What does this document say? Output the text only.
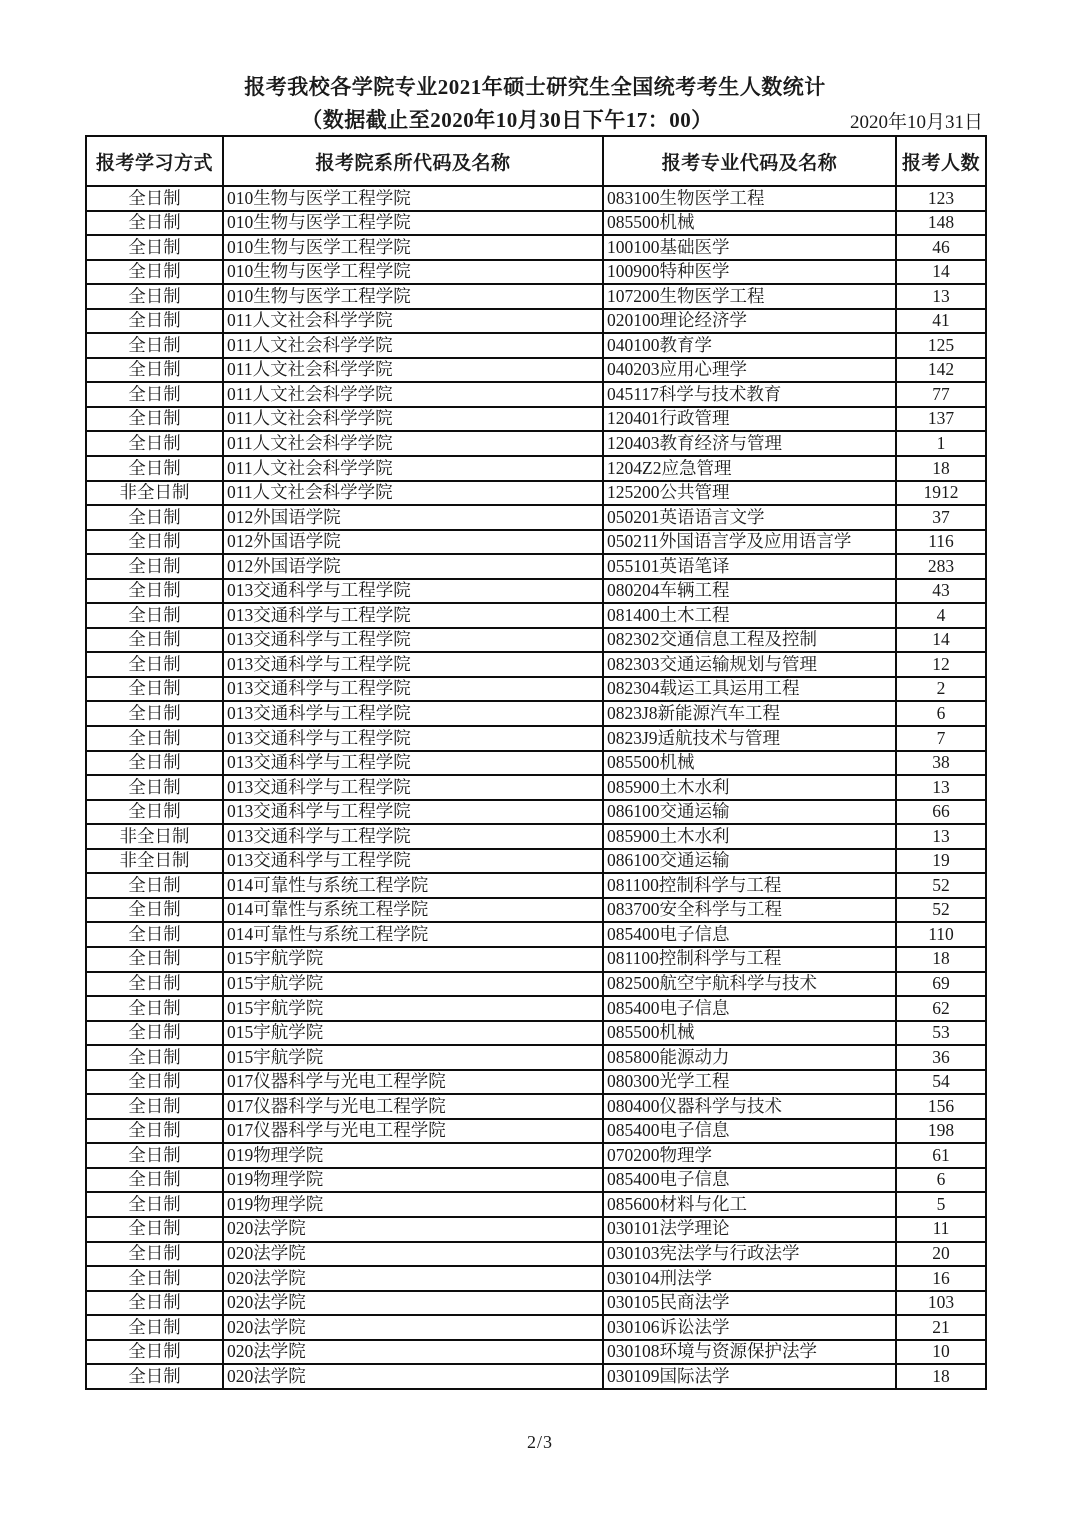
报考我校各学院专业2021年硕士研究生全国统考考生人数统计
（数据截止至2020年10月30日下午17：00）	2020年10月31日
报考学习方式	报考院系所代码及名称	报考专业代码及名称	报考人数
全日制	010生物与医学工程学院	083100生物医学工程	123
全日制	010生物与医学工程学院	085500机械	148
全日制	010生物与医学工程学院	100100基础医学	46
全日制	010生物与医学工程学院	100900特种医学	14
全日制	010生物与医学工程学院	107200生物医学工程	13
全日制	011人文社会科学学院	020100理论经济学	41
全日制	011人文社会科学学院	040100教育学	125
全日制	011人文社会科学学院	040203应用心理学	142
全日制	011人文社会科学学院	045117科学与技术教育	77
全日制	011人文社会科学学院	120401行政管理	137
全日制	011人文社会科学学院	120403教育经济与管理	1
全日制	011人文社会科学学院	1204Z2应急管理	18
非全日制	011人文社会科学学院	125200公共管理	1912
全日制	012外国语学院	050201英语语言文学	37
全日制	012外国语学院	050211外国语言学及应用语言学	116
全日制	012外国语学院	055101英语笔译	283
全日制	013交通科学与工程学院	080204车辆工程	43
全日制	013交通科学与工程学院	081400土木工程	4
全日制	013交通科学与工程学院	082302交通信息工程及控制	14
全日制	013交通科学与工程学院	082303交通运输规划与管理	12
全日制	013交通科学与工程学院	082304载运工具运用工程	2
全日制	013交通科学与工程学院	0823J8新能源汽车工程	6
全日制	013交通科学与工程学院	0823J9适航技术与管理	7
全日制	013交通科学与工程学院	085500机械	38
全日制	013交通科学与工程学院	085900土木水利	13
全日制	013交通科学与工程学院	086100交通运输	66
非全日制	013交通科学与工程学院	085900土木水利	13
非全日制	013交通科学与工程学院	086100交通运输	19
全日制	014可靠性与系统工程学院	081100控制科学与工程	52
全日制	014可靠性与系统工程学院	083700安全科学与工程	52
全日制	014可靠性与系统工程学院	085400电子信息	110
全日制	015宇航学院	081100控制科学与工程	18
全日制	015宇航学院	082500航空宇航科学与技术	69
全日制	015宇航学院	085400电子信息	62
全日制	015宇航学院	085500机械	53
全日制	015宇航学院	085800能源动力	36
全日制	017仪器科学与光电工程学院	080300光学工程	54
全日制	017仪器科学与光电工程学院	080400仪器科学与技术	156
全日制	017仪器科学与光电工程学院	085400电子信息	198
全日制	019物理学院	070200物理学	61
全日制	019物理学院	085400电子信息	6
全日制	019物理学院	085600材料与化工	5
全日制	020法学院	030101法学理论	11
全日制	020法学院	030103宪法学与行政法学	20
全日制	020法学院	030104刑法学	16
全日制	020法学院	030105民商法学	103
全日制	020法学院	030106诉讼法学	21
全日制	020法学院	030108环境与资源保护法学	10
全日制	020法学院	030109国际法学	18
2/3
